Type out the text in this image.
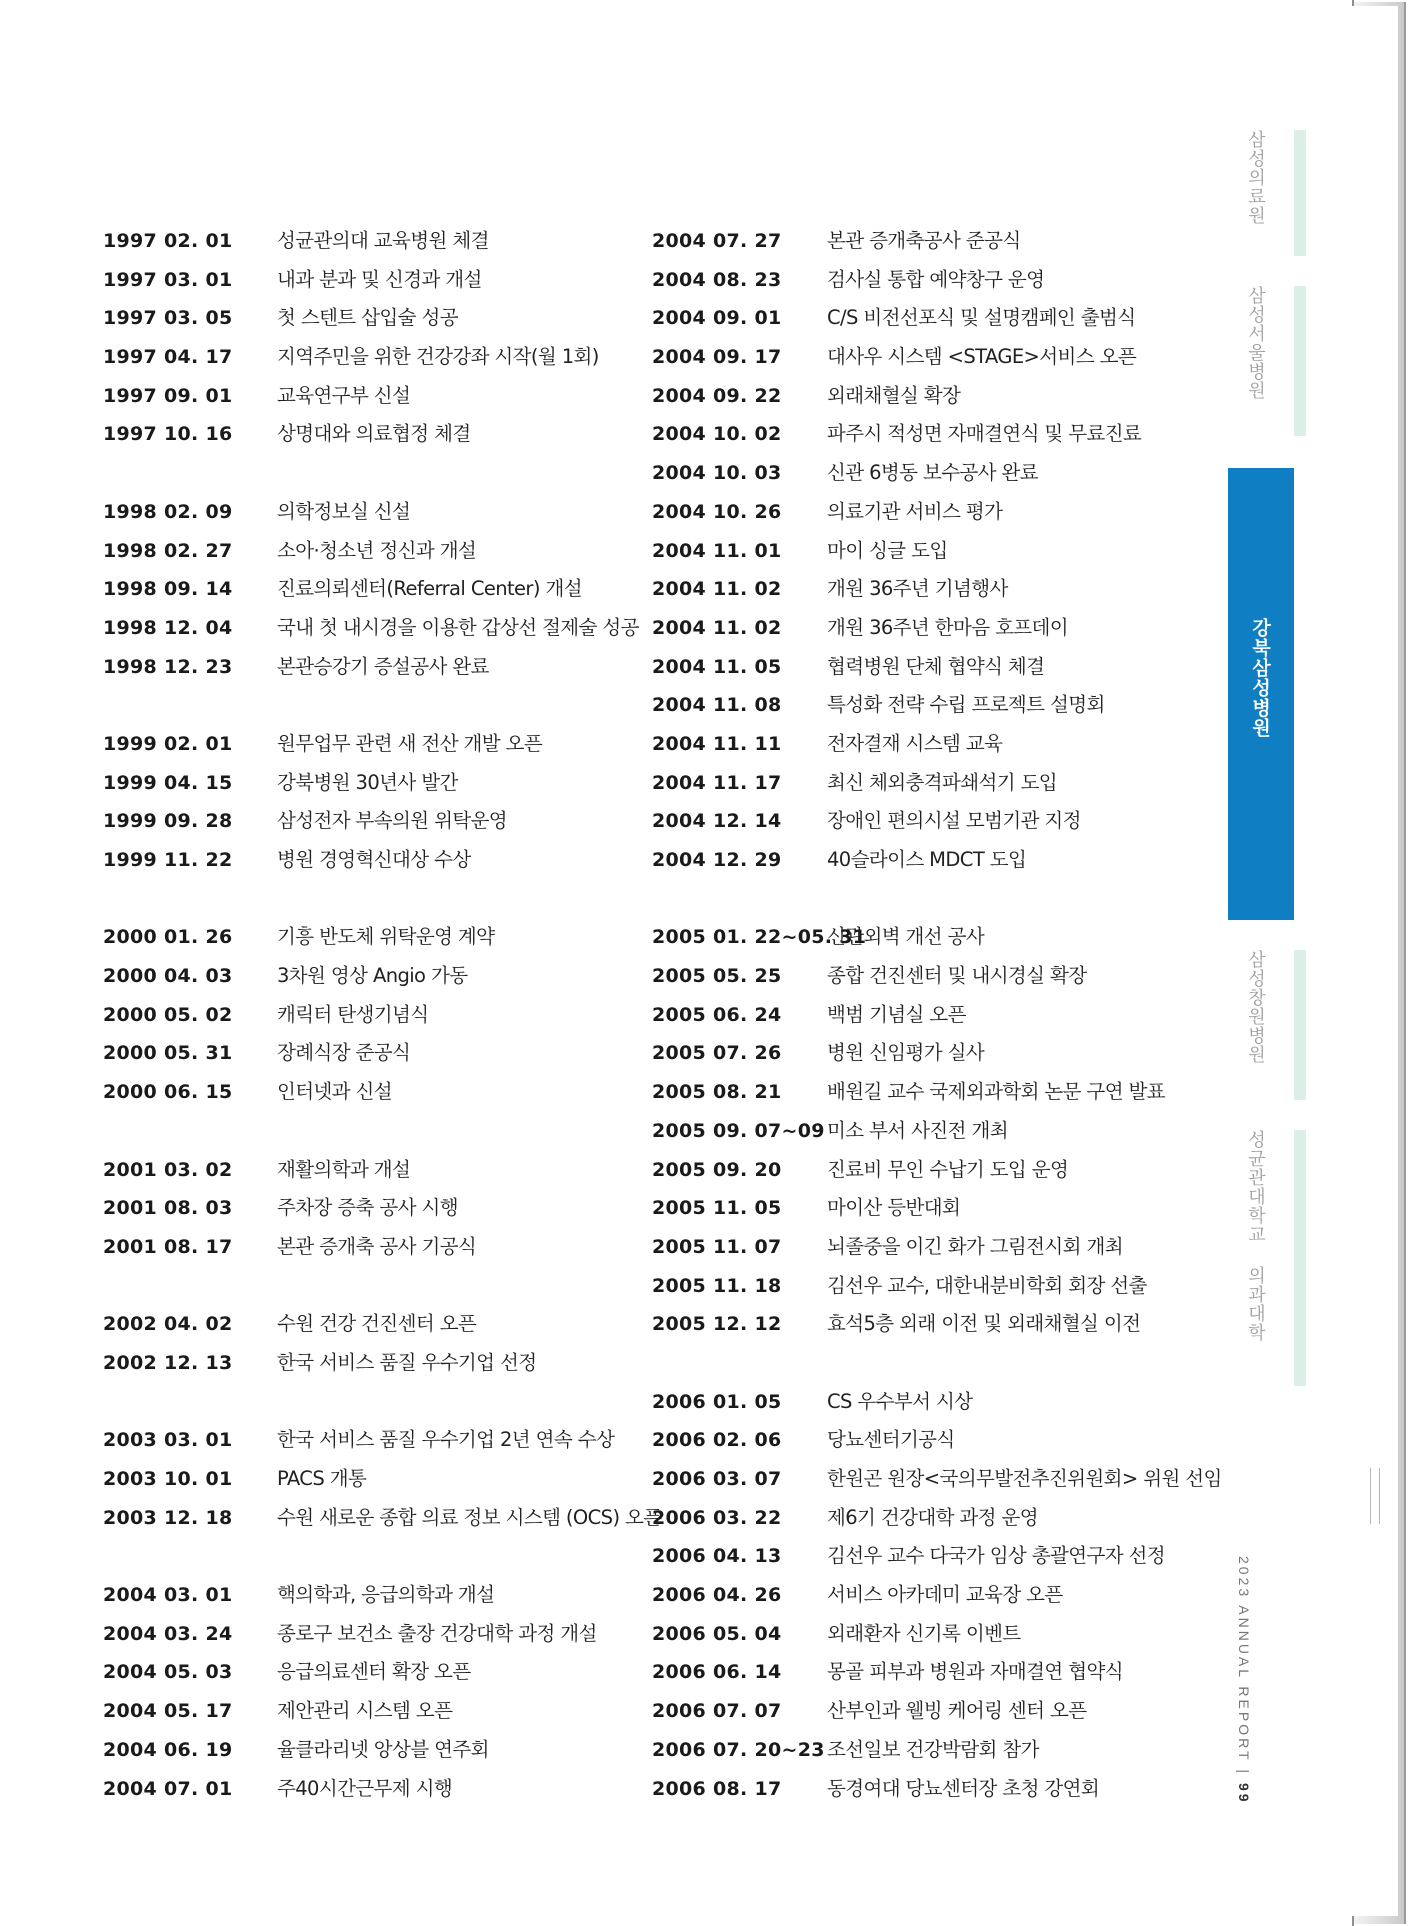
1997 02. 01 성균관의대 교육병원 체결
1997 03. 01 내과 분과 및 신경과 개설
1997 03. 05 첫 스텐트 삽입술 성공
1997 04. 17 지역주민을 위한 건강강좌 시작(월 1회)
1997 09. 01 교육연구부 신설
1997 10. 16 상명대와 의료협정 체결
1998 02. 09 의학정보실 신설
1998 02. 27 소아·청소년 정신과 개설
1998 09. 14 진료의뢰센터(Referral Center) 개설
1998 12. 04 국내 첫 내시경을 이용한 갑상선 절제술 성공
1998 12. 23 본관승강기 증설공사 완료
1999 02. 01 원무업무 관련 새 전산 개발 오픈
1999 04. 15 강북병원 30년사 발간
1999 09. 28 삼성전자 부속의원 위탁운영
1999 11. 22 병원 경영혁신대상 수상
2000 01. 26 기흥 반도체 위탁운영 계약
2000 04. 03 3차원 영상 Angio 가동
2000 05. 02 캐릭터 탄생기념식
2000 05. 31 장례식장 준공식
2000 06. 15 인터넷과 신설
2001 03. 02 재활의학과 개설
2001 08. 03 주차장 증축 공사 시행
2001 08. 17 본관 증개축 공사 기공식
2002 04. 02 수원 건강 건진센터 오픈
2002 12. 13 한국 서비스 품질 우수기업 선정
2003 03. 01 한국 서비스 품질 우수기업 2년 연속 수상
2003 10. 01 PACS 개통
2003 12. 18 수원 새로운 종합 의료 정보 시스템 (OCS) 오픈
2004 03. 01 핵의학과, 응급의학과 개설
2004 03. 24 종로구 보건소 출장 건강대학 과정 개설
2004 05. 03 응급의료센터 확장 오픈
2004 05. 17 제안관리 시스템 오픈
2004 06. 19 율클라리넷 앙상블 연주회
2004 07. 01 주40시간근무제 시행
2004 07. 27 본관 증개축공사 준공식
2004 08. 23 검사실 통합 예약창구 운영
2004 09. 01 C/S 비전선포식 및 설명캠페인 출범식
2004 09. 17 대사우 시스템 <STAGE>서비스 오픈
2004 09. 22 외래채혈실 확장
2004 10. 02 파주시 적성면 자매결연식 및 무료진료
2004 10. 03 신관 6병동 보수공사 완료
2004 10. 26 의료기관 서비스 평가
2004 11. 01 마이 싱글 도입
2004 11. 02 개원 36주년 기념행사
2004 11. 02 개원 36주년 한마음 호프데이
2004 11. 05 협력병원 단체 협약식 체결
2004 11. 08 특성화 전략 수립 프로젝트 설명회
2004 11. 11 전자결재 시스템 교육
2004 11. 17 최신 체외충격파쇄석기 도입
2004 12. 14 장애인 편의시설 모범기관 지정
2004 12. 29 40슬라이스 MDCT 도입
2005 01. 22~05. 31
신관외벽 개선 공사
2005 05. 25 종합 건진센터 및 내시경실 확장
2005 06. 24 백범 기념실 오픈
2005 07. 26 병원 신임평가 실사
2005 08. 21 배원길 교수 국제외과학회 논문 구연 발표
2005 09. 07~09 미소 부서 사진전 개최
2005 09. 20 진료비 무인 수납기 도입 운영
2005 11. 05 마이산 등반대회
2005 11. 07 뇌졸중을 이긴 화가 그림전시회 개최
2005 11. 18 김선우 교수, 대한내분비학회 회장 선출
2005 12. 12 효석5층 외래 이전 및 외래채혈실 이전
2006 01. 05 CS 우수부서 시상
2006 02. 06 당뇨센터기공식
2006 03. 07 한원곤 원장<국의무발전추진위원회> 위원 선임
2006 03. 22 제6기 건강대학 과정 운영
2006 04. 13 김선우 교수 다국가 임상 총괄연구자 선정
2006 04. 26 서비스 아카데미 교육장 오픈
2006 05. 04 외래환자 신기록 이벤트
2006 06. 14 몽골 피부과 병원과 자매결연 협약식
2006 07. 07 산부인과 웰빙 케어링 센터 오픈
2006 07. 20~23 조선일보 건강박람회 참가
2006 08. 17 동경여대 당뇨센터장 초청 강연회
삼성의료원
삼성서울병원
강북삼성병원
삼성창원병원
성균관대학교 의과대학
2023 ANNUAL REPORT | 99
